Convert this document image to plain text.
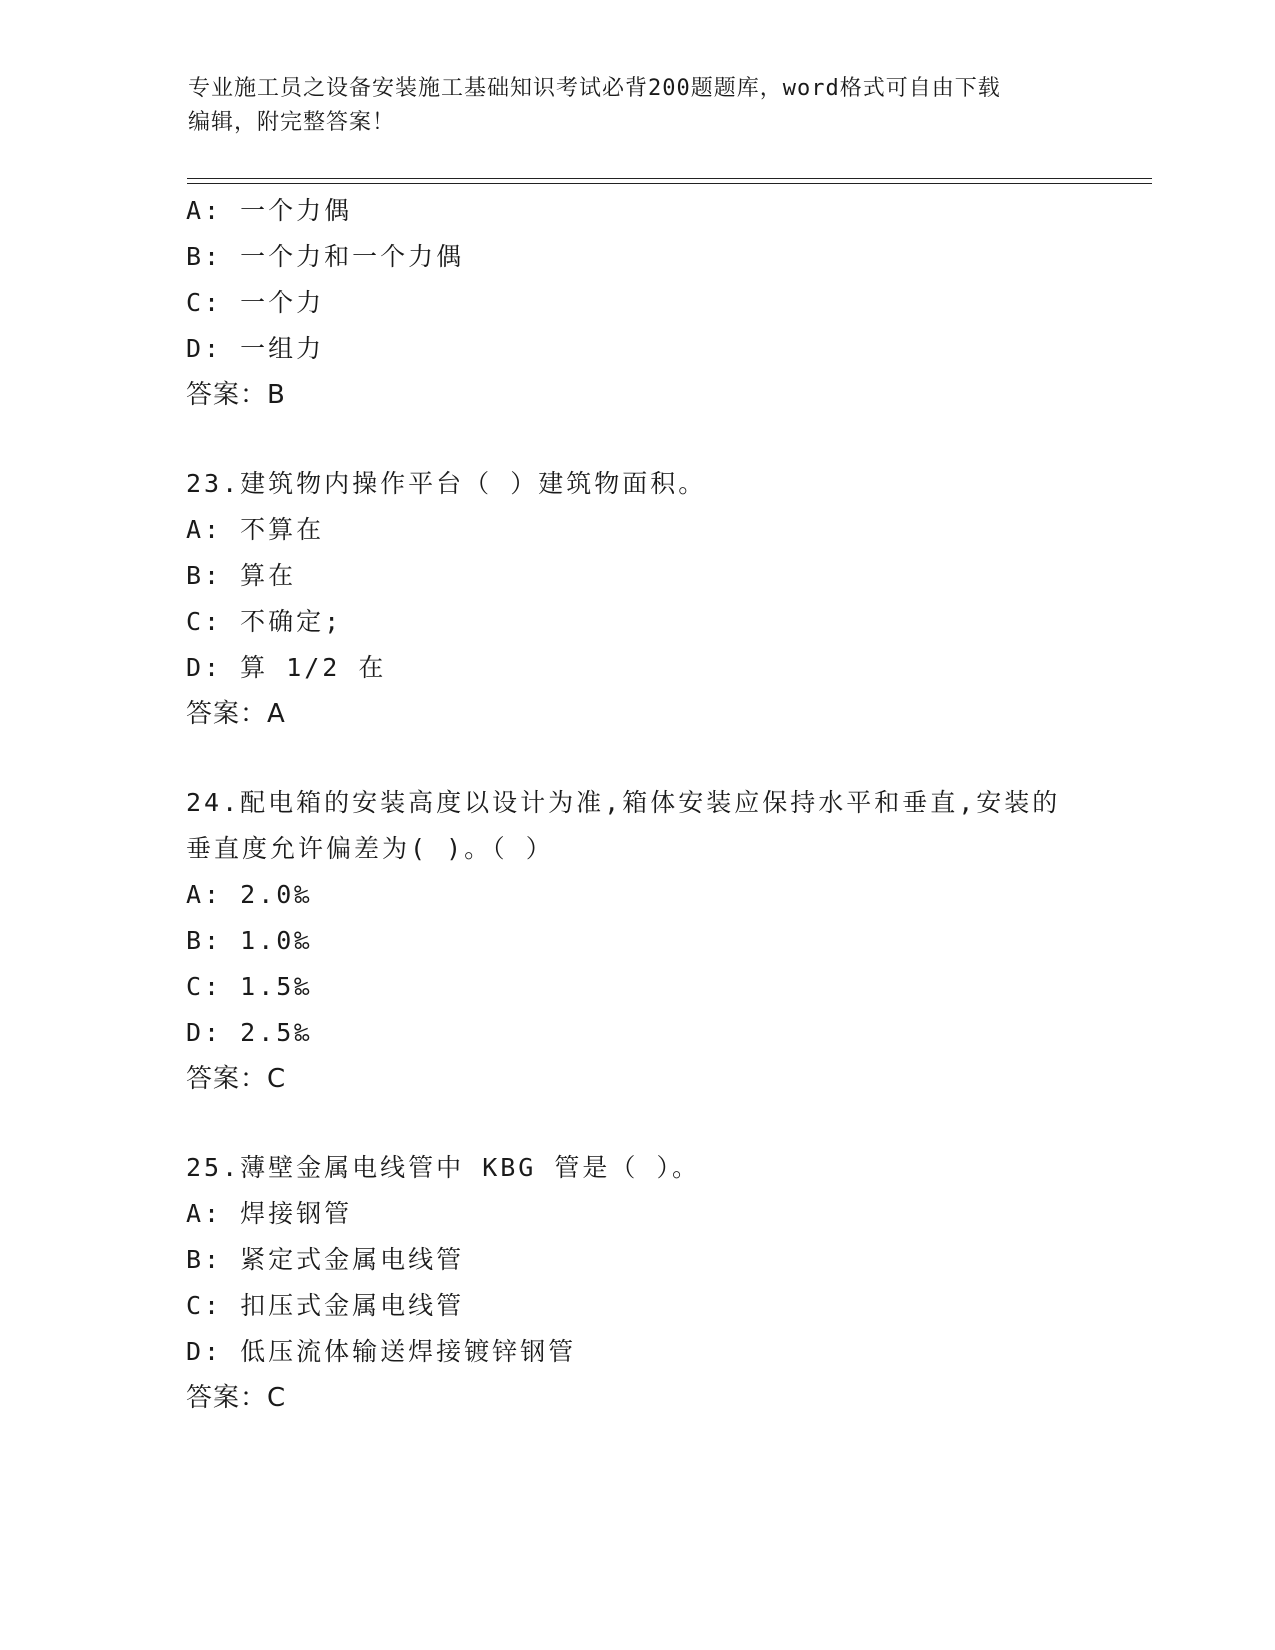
专业施工员之设备安装施工基础知识考试必背200题题库，word格式可自由下载
编辑，附完整答案！
A: 一个力偶
B: 一个力和一个力偶
C: 一个力
D: 一组力
答案：B
23.建筑物内操作平台（ ）建筑物面积。
A: 不算在
B: 算在
C: 不确定;
D: 算 1/2 在
答案：A
24.配电箱的安装高度以设计为准,箱体安装应保持水平和垂直,安装的
垂直度允许偏差为( )。（ ）
A: 2.0‰
B: 1.0‰
C: 1.5‰
D: 2.5‰
答案：C
25.薄壁金属电线管中 KBG 管是（ ）。
A: 焊接钢管
B: 紧定式金属电线管
C: 扣压式金属电线管
D: 低压流体输送焊接镀锌钢管
答案：C
